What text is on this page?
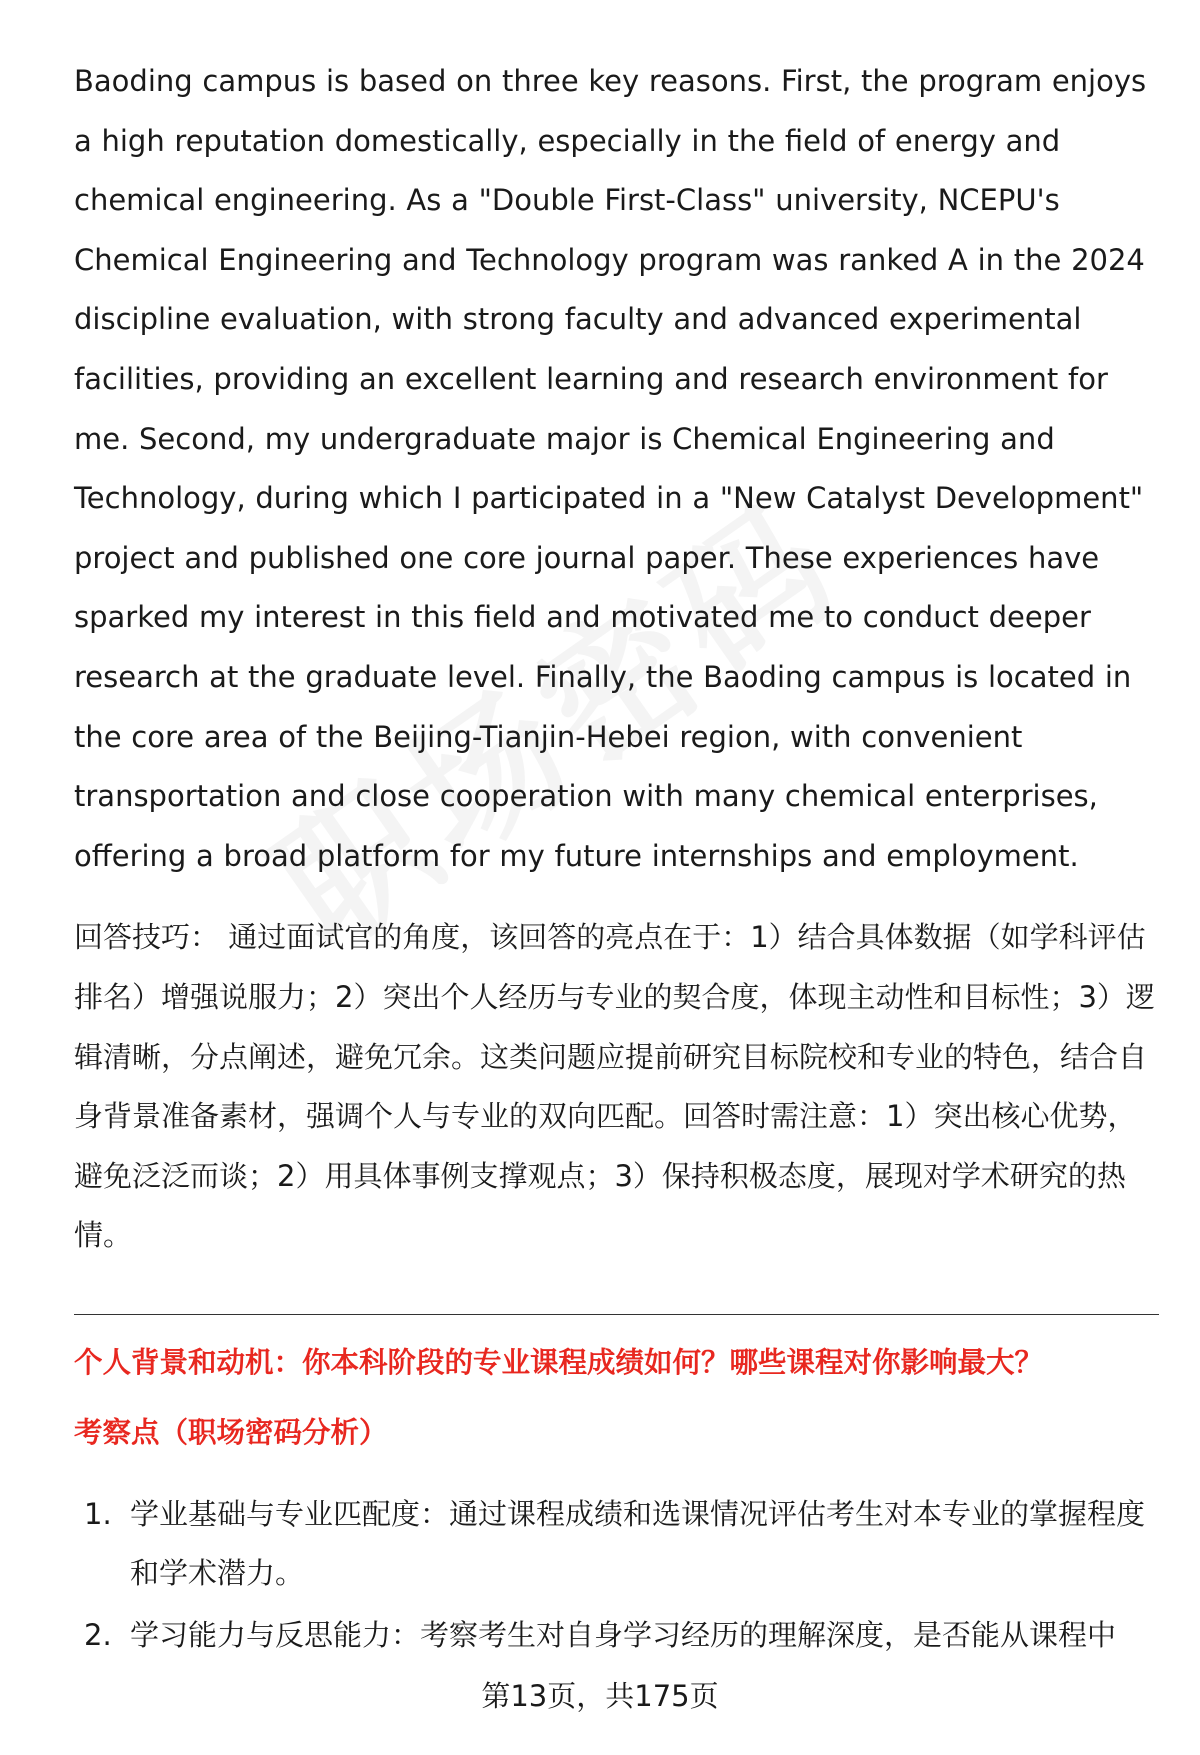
Baoding campus is based on three key reasons. First, the program enjoys a high reputation domestically, especially in the field of energy and chemical engineering. As a "Double First-Class" university, NCEPU's Chemical Engineering and Technology program was ranked A in the 2024 discipline evaluation, with strong faculty and advanced experimental facilities, providing an excellent learning and research environment for me. Second, my undergraduate major is Chemical Engineering and Technology, during which I participated in a "New Catalyst Development" project and published one core journal paper. These experiences have sparked my interest in this field and motivated me to conduct deeper research at the graduate level. Finally, the Baoding campus is located in the core area of the Beijing-Tianjin-Hebei region, with convenient transportation and close cooperation with many chemical enterprises, offering a broad platform for my future internships and employment.

回答技巧： 通过面试官的角度，该回答的亮点在于：1）结合具体数据（如学科评估排名）增强说服力；2）突出个人经历与专业的契合度，体现主动性和目标性；3）逻辑清晰，分点阐述，避免冗余。这类问题应提前研究目标院校和专业的特色，结合自身背景准备素材，强调个人与专业的双向匹配。回答时需注意：1）突出核心优势，避免泛泛而谈；2）用具体事例支撑观点；3）保持积极态度，展现对学术研究的热情。

个人背景和动机：你本科阶段的专业课程成绩如何？哪些课程对你影响最大？

考察点（职场密码分析）

1. 学业基础与专业匹配度：通过课程成绩和选课情况评估考生对本专业的掌握程度和学术潜力。
2. 学习能力与反思能力：考察考生对自身学习经历的理解深度，是否能从课程中
第13页，共175页
